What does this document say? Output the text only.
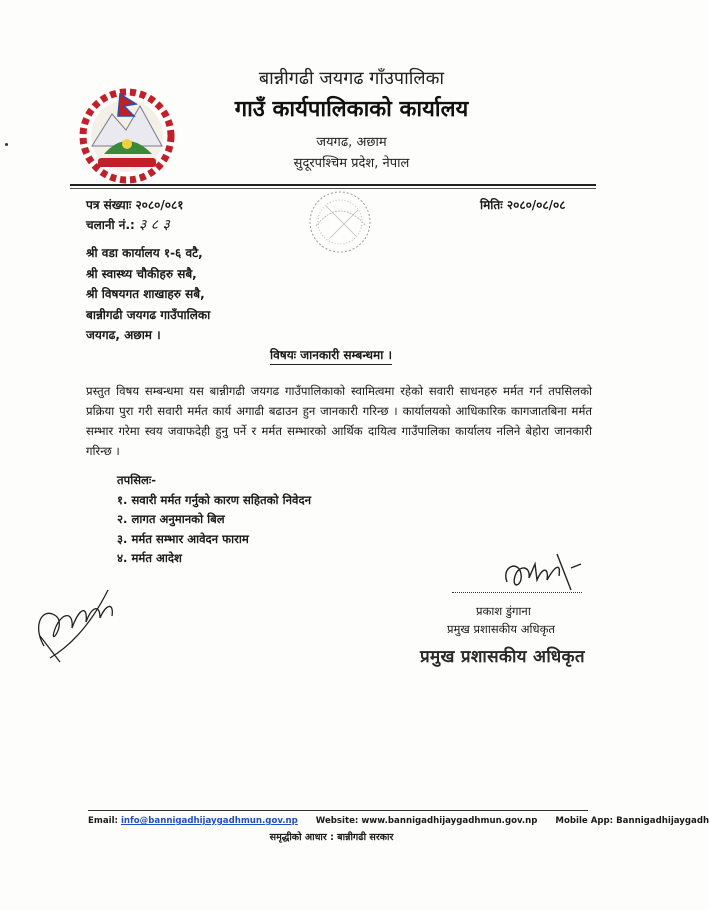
बान्नीगढी जयगढ गाँउपालिका
गाउँ कार्यपालिकाको कार्यालय
जयगढ, अछाम
सुदूरपश्चिम प्रदेश, नेपाल
पत्र संख्याः २०८०/०८१
चलानी नं.: ३ ८ ३
मितिः २०८०/०८/०८
श्री वडा कार्यालय १-६ वटै,
श्री स्वास्थ्य चौकीहरु सबै,
श्री विषयगत शाखाहरु सबै,
बान्नीगढी जयगढ गाउँपालिका
जयगढ, अछाम ।
विषयः जानकारी सम्बन्धमा ।
प्रस्तुत विषय सम्बन्धमा यस बान्नीगढी जयगढ गाउँपालिकाको स्वामित्वमा रहेको सवारी साधनहरु मर्मत गर्न तपसिलको प्रक्रिया पुरा गरी सवारी मर्मत कार्य अगाढी बढाउन हुन जानकारी गरिन्छ । कार्यालयको आधिकारिक कागजातबिना मर्मत सम्भार गरेमा स्वय जवाफदेही हुनु पर्ने र मर्मत सम्भारको आर्थिक दायित्व गाउँपालिका कार्यालय नलिने बेहोरा जानकारी गरिन्छ ।
तपसिलः-
१. सवारी मर्मत गर्नुको कारण सहितको निवेदन
२. लागत अनुमानको बिल
३. मर्मत सम्भार आवेदन फाराम
४. मर्मत आदेश
प्रकाश डुंगाना
प्रमुख प्रशासकीय अधिकृत
प्रमुख प्रशासकीय अधिकृत
Email: info@bannigadhijaygadhmun.gov.np Website: www.bannigadhijaygadhmun.gov.np Mobile App: Bannigadhijaygadh
समृद्धीको आधार : बान्नीगढी सरकार
